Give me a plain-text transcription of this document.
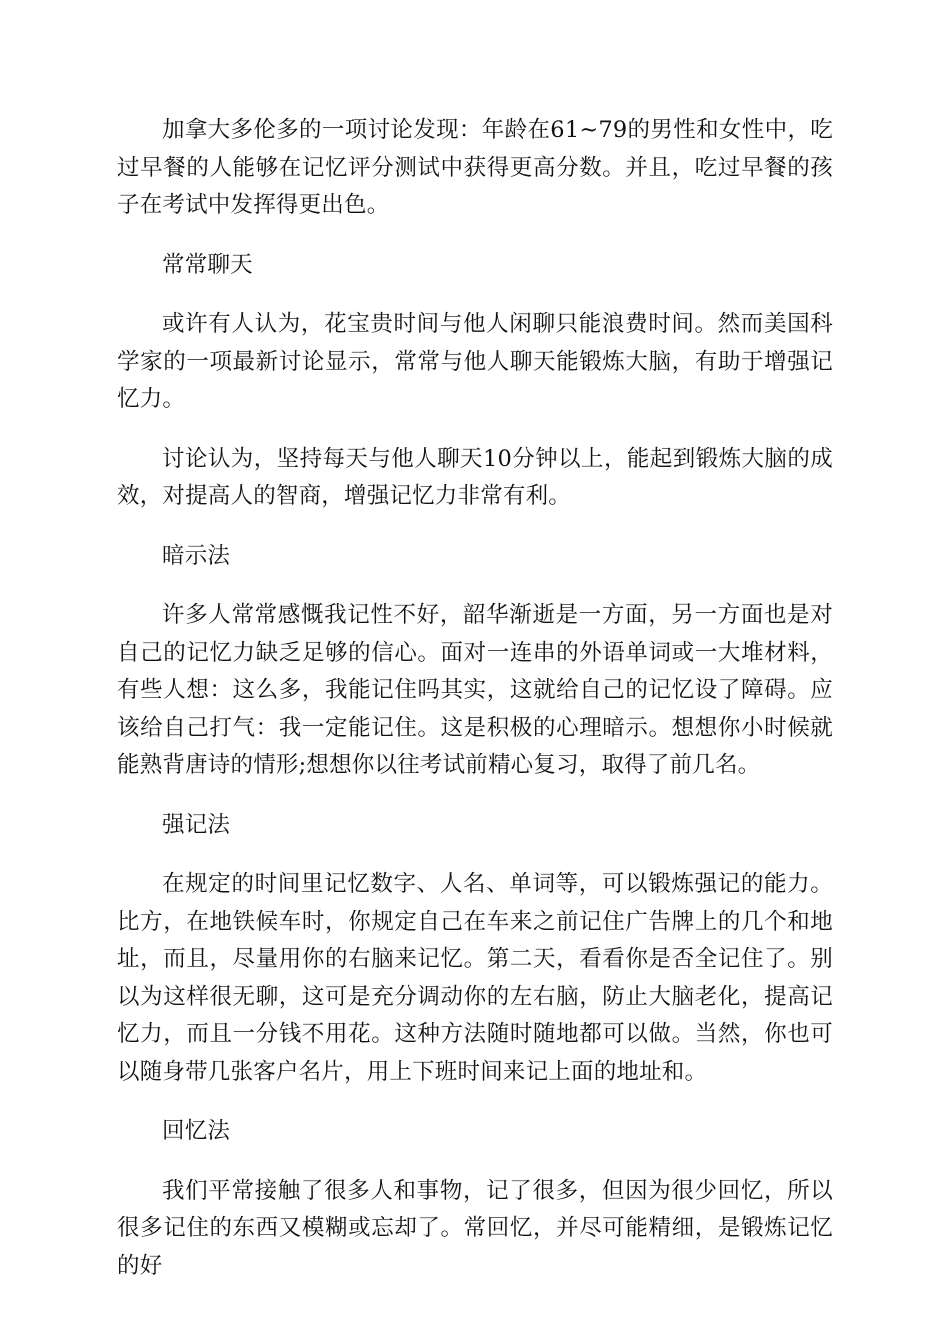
加拿大多伦多的一项讨论发现：年龄在61~79的男性和女性中，吃过早餐的人能够在记忆评分测试中获得更高分数。并且，吃过早餐的孩子在考试中发挥得更出色。

常常聊天

或许有人认为，花宝贵时间与他人闲聊只能浪费时间。然而美国科学家的一项最新讨论显示，常常与他人聊天能锻炼大脑，有助于增强记忆力。

讨论认为，坚持每天与他人聊天10分钟以上，能起到锻炼大脑的成效，对提高人的智商，增强记忆力非常有利。

暗示法

许多人常常感慨我记性不好，韶华渐逝是一方面，另一方面也是对自己的记忆力缺乏足够的信心。面对一连串的外语单词或一大堆材料，有些人想：这么多，我能记住吗其实，这就给自己的记忆设了障碍。应该给自己打气：我一定能记住。这是积极的心理暗示。想想你小时候就能熟背唐诗的情形;想想你以往考试前精心复习，取得了前几名。

强记法

在规定的时间里记忆数字、人名、单词等，可以锻炼强记的能力。比方，在地铁候车时，你规定自己在车来之前记住广告牌上的几个和地址，而且，尽量用你的右脑来记忆。第二天，看看你是否全记住了。别以为这样很无聊，这可是充分调动你的左右脑，防止大脑老化，提高记忆力，而且一分钱不用花。这种方法随时随地都可以做。当然，你也可以随身带几张客户名片，用上下班时间来记上面的地址和。

回忆法

我们平常接触了很多人和事物，记了很多，但因为很少回忆，所以很多记住的东西又模糊或忘却了。常回忆，并尽可能精细，是锻炼记忆的好
